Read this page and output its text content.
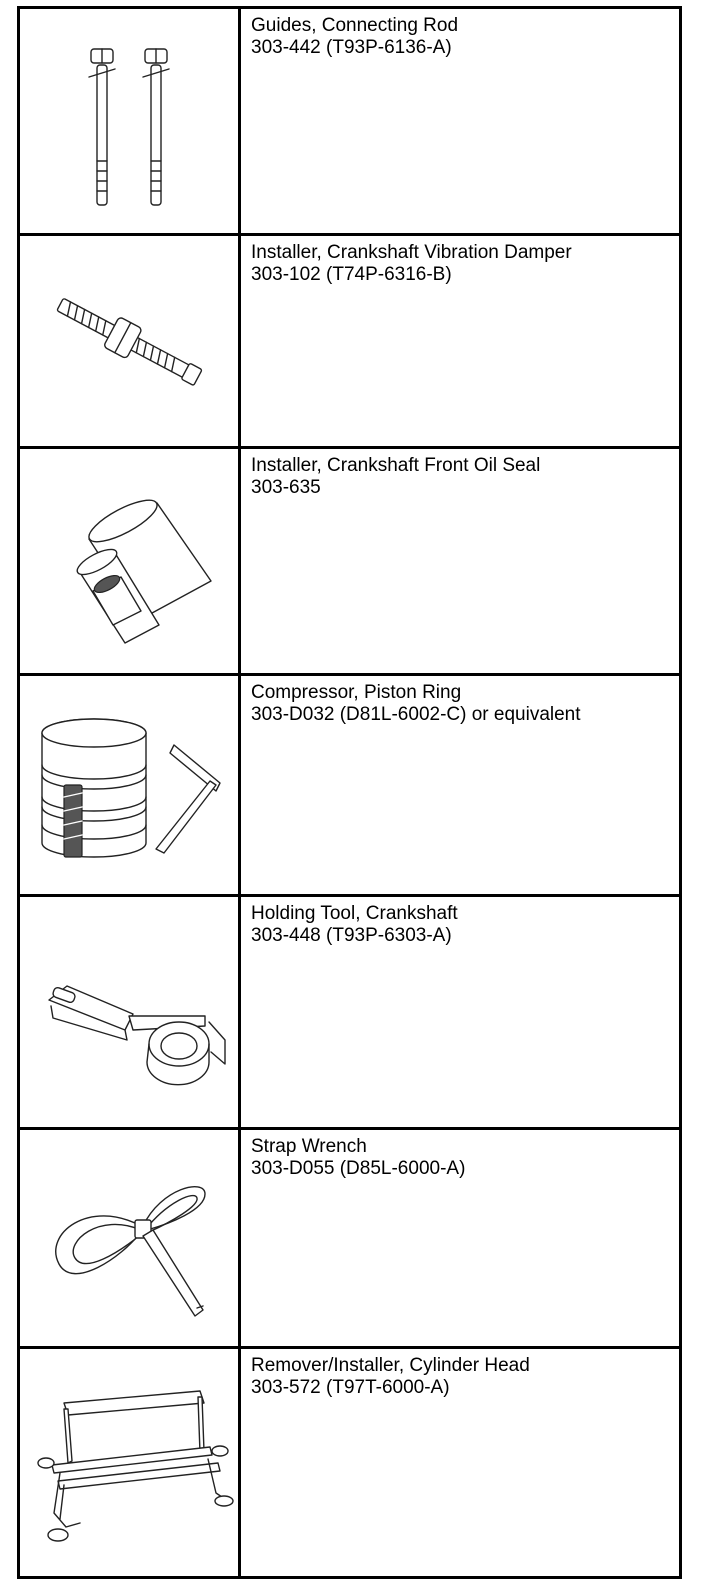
Guides, Connecting Rod
303-442 (T93P-6136-A)
Installer, Crankshaft Vibration Damper
303-102 (T74P-6316-B)
Installer, Crankshaft Front Oil Seal
303-635
Compressor, Piston Ring
303-D032 (D81L-6002-C) or equivalent
Holding Tool, Crankshaft
303-448 (T93P-6303-A)
Strap Wrench
303-D055 (D85L-6000-A)
Remover/Installer, Cylinder Head
303-572 (T97T-6000-A)
